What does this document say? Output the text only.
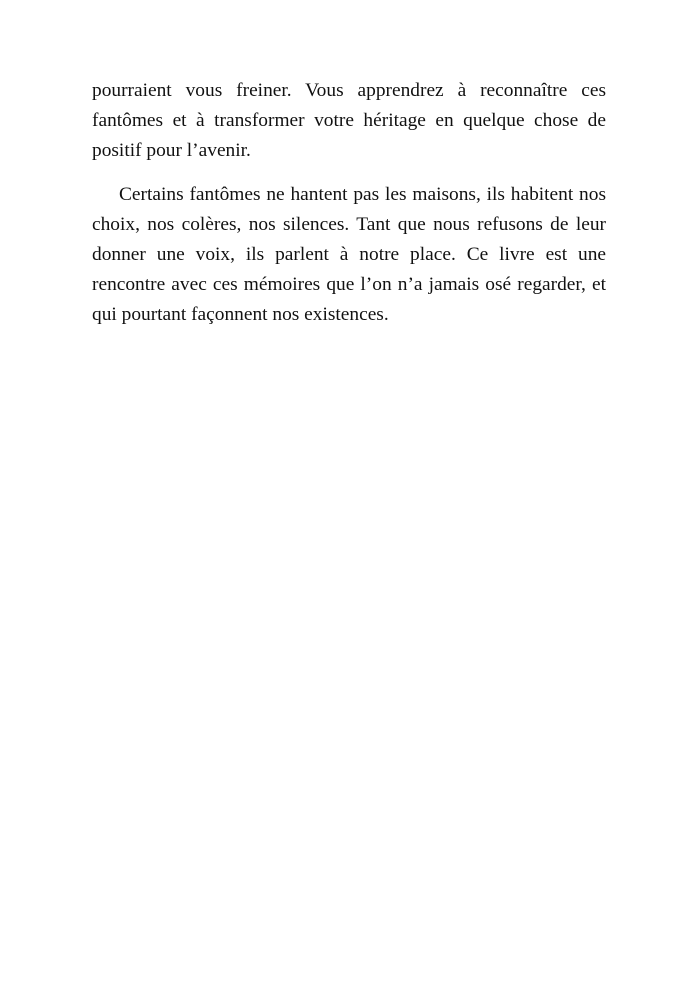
pourraient vous freiner. Vous apprendrez à reconnaître ces fantômes et à transformer votre héritage en quelque chose de positif pour l’avenir.

Certains fantômes ne hantent pas les maisons, ils habitent nos choix, nos colères, nos silences. Tant que nous refusons de leur donner une voix, ils parlent à notre place. Ce livre est une rencontre avec ces mémoires que l’on n’a jamais osé regarder, et qui pourtant façonnent nos existences.
